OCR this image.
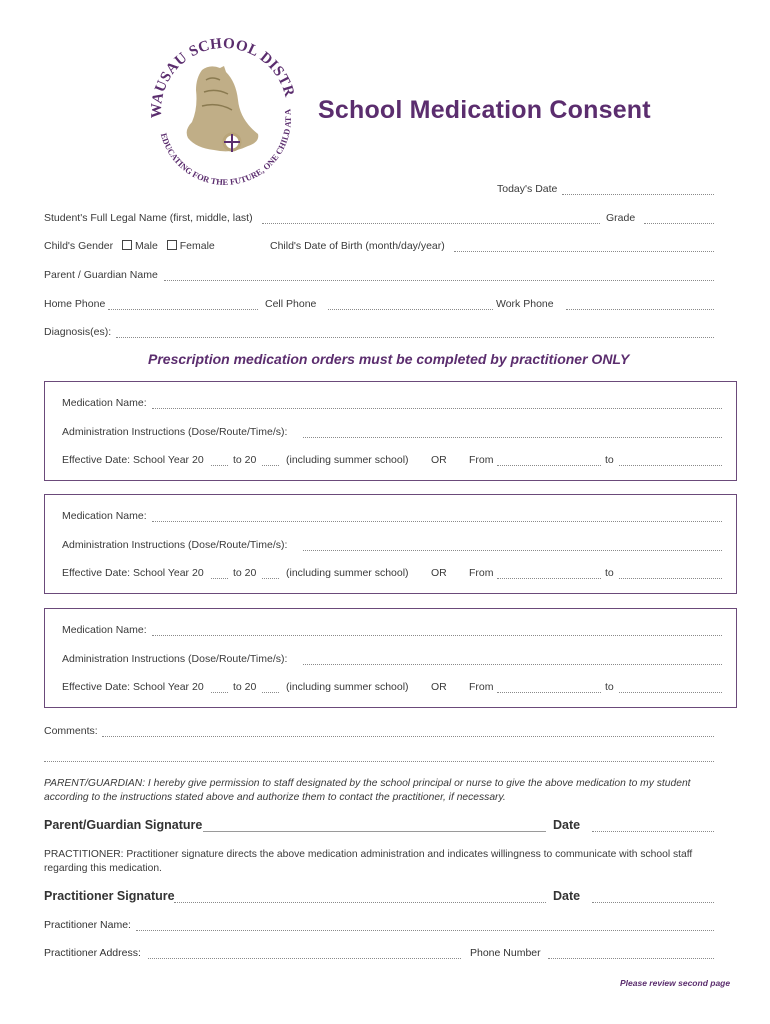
WAUSAU SCHOOL DISTR
EDUCATING FOR THE FUTURE, ONE CHILD AT A School Medication Consent
Today's Date
Student's Full Legal Name (first, middle, last)	Grade
Child's Gender Male Female	Child's Date of Birth (month/day/year)
Parent / Guardian Name
Home Phone	Cell Phone	Work Phone
Diagnosis(es):
Prescription medication orders must be completed by practitioner ONLY
Medication Name:
Administration Instructions (Dose/Route/Time/s):
Effective Date: School Year 20	to 20	(including summer school) OR From	to
Medication Name:
Administration Instructions (Dose/Route/Time/s):
Effective Date: School Year 20	to 20	(including summer school) OR From	to
Medication Name:
Administration Instructions (Dose/Route/Time/s):
Effective Date: School Year 20	to 20	(including summer school) OR From	to
Comments:
PARENT/GUARDIAN: I hereby give permission to staff designated by the school principal or nurse to give the above medication to my student
according to the instructions stated above and authorize them to contact the practitioner, if necessary.
Parent/Guardian Signature	Date
PRACTITIONER: Practitioner signature directs the above medication administration and indicates willingness to communicate with school staff
regarding this medication.
Practitioner Signature	Date
Practitioner Name:
Practitioner Address:	Phone Number
Please review second page
